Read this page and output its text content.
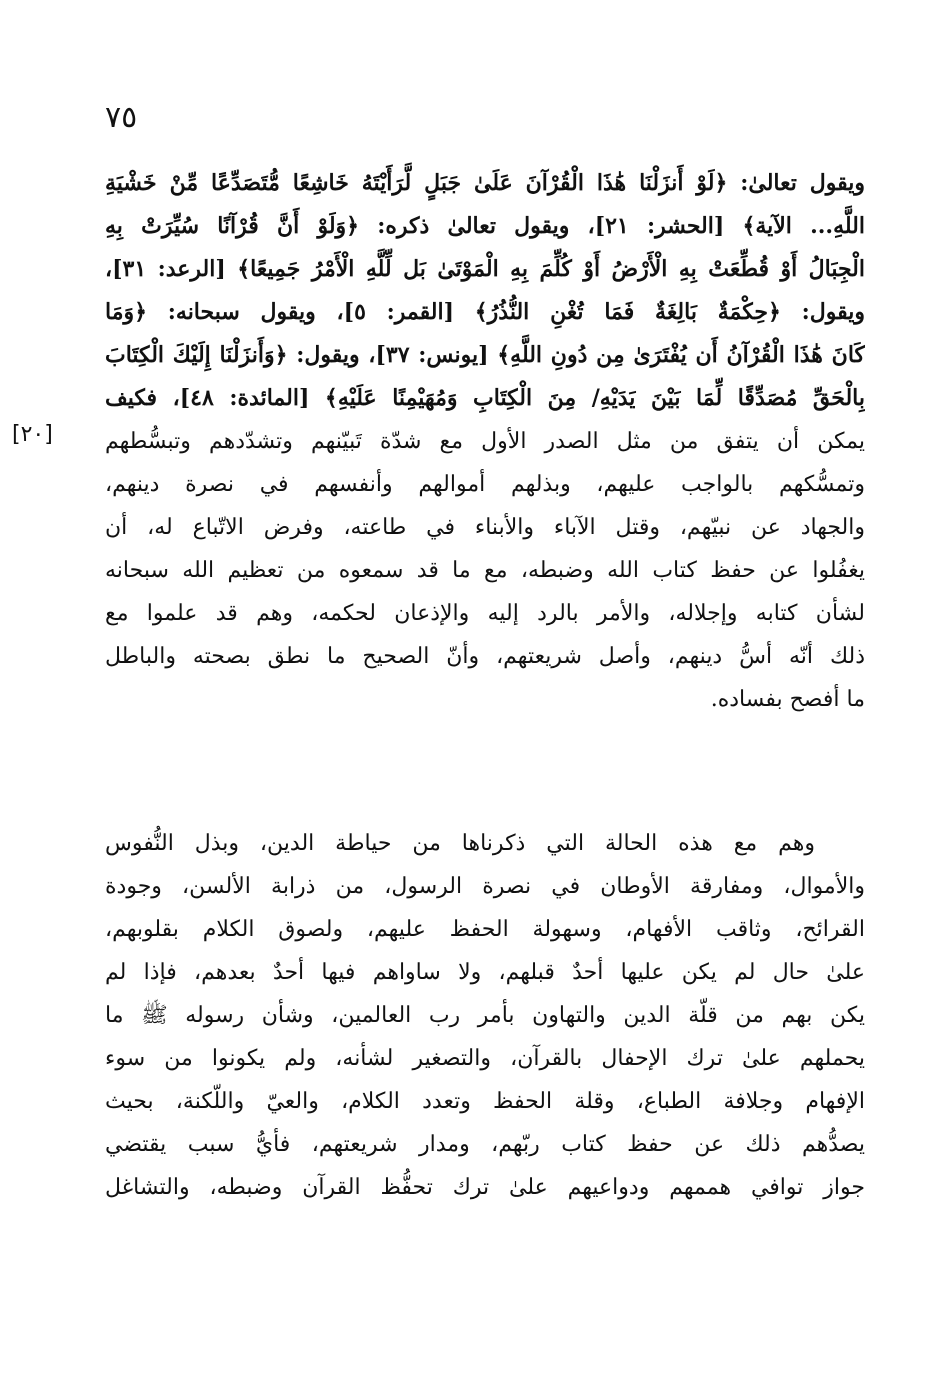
٧٥
[٢٠]
ويقول تعالىٰ: ﴿لَوْ أَنزَلْنَا هَٰذَا الْقُرْآنَ عَلَىٰ جَبَلٍ لَّرَأَيْتَهُ خَاشِعًا مُّتَصَدِّعًا مِّنْ خَشْيَةِ
اللَّهِ... الآية﴾ [الحشر: ٢١]، ويقول تعالىٰ ذكره: ﴿وَلَوْ أَنَّ قُرْآنًا سُيِّرَتْ بِهِ
الْجِبَالُ أَوْ قُطِّعَتْ بِهِ الْأَرْضُ أَوْ كُلِّمَ بِهِ الْمَوْتَىٰ بَل لِّلَّهِ الْأَمْرُ جَمِيعًا﴾ [الرعد: ٣١]،
ويقول: ﴿حِكْمَةٌ بَالِغَةٌ فَمَا تُغْنِ النُّذُرُ﴾ [القمر: ٥]، ويقول سبحانه: ﴿وَمَا
كَانَ هَٰذَا الْقُرْآنُ أَن يُفْتَرَىٰ مِن دُونِ اللَّهِ﴾ [يونس: ٣٧]، ويقول: ﴿وَأَنزَلْنَا إِلَيْكَ الْكِتَابَ
بِالْحَقِّ مُصَدِّقًا لِّمَا بَيْنَ يَدَيْهِ/ مِنَ الْكِتَابِ وَمُهَيْمِنًا عَلَيْهِ﴾ [المائدة: ٤٨]، فكيف
يمكن أن يتفق من مثل الصدر الأول مع شدّة تَبيّنهم وتشدّدهم وتبسُّطهم
وتمسُّكهم بالواجب عليهم، وبذلهم أموالهم وأنفسهم في نصرة دينهم،
والجهاد عن نبيّهم، وقتل الآباء والأبناء في طاعته، وفرض الاتّباع له، أن
يغفُلوا عن حفظ كتاب الله وضبطه، مع ما قد سمعوه من تعظيم الله سبحانه
لشأن كتابه وإجلاله، والأمر بالرد إليه والإذعان لحكمه، وهم قد علموا مع
ذلك أنّه أسُّ دينهم، وأصل شريعتهم، وأنّ الصحيح ما نطق بصحته والباطل
ما أفصح بفساده.
وهم مع هذه الحالة التي ذكرناها من حياطة الدين، وبذل النُّفوس
والأموال، ومفارقة الأوطان في نصرة الرسول، من ذرابة الألسن، وجودة
القرائح، وثاقب الأفهام، وسهولة الحفظ عليهم، ولصوق الكلام بقلوبهم،
علىٰ حال لم يكن عليها أحدٌ قبلهم، ولا ساواهم فيها أحدٌ بعدهم، فإذا لم
يكن بهم من قلّة الدين والتهاون بأمر رب العالمين، وشأن رسوله ﷺ ما
يحملهم علىٰ ترك الإحفال بالقرآن، والتصغير لشأنه، ولم يكونوا من سوء
الإفهام وجلافة الطباع، وقلة الحفظ وتعدد الكلام، والعيّ واللّكنة، بحيث
يصدُّهم ذلك عن حفظ كتاب ربّهم، ومدار شريعتهم، فأيُّ سبب يقتضي
جواز توافي هممهم ودواعيهم علىٰ ترك تحفُّظ القرآن وضبطه، والتشاغل
